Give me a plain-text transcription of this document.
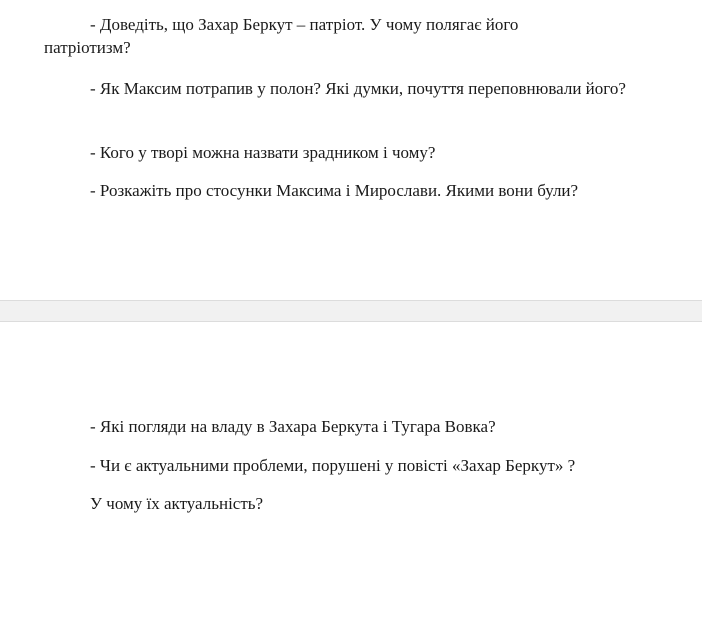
- Доведіть, що Захар Беркут – патріот. У чому полягає його патріотизм?

- Як Максим потрапив у полон? Які думки, почуття переповнювали його?

- Кого у творі можна назвати зрадником і чому?

- Розкажіть про стосунки Максима і Мирослави. Якими вони були?

- Які погляди на владу в Захара Беркута і Тугара Вовка?

- Чи є актуальними проблеми, порушені у повісті «Захар Беркут» ?

У чому їх актуальність?
